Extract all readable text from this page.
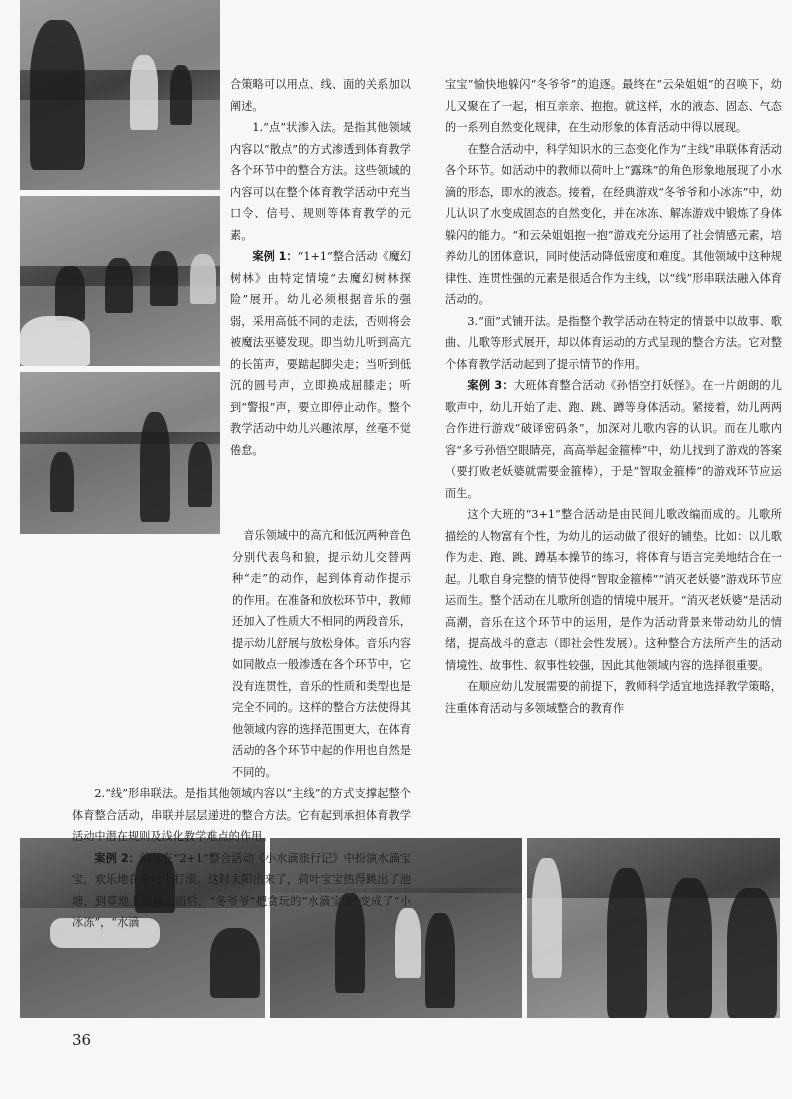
合策略可以用点、线、面的关系加以阐述。

1.“点”状渗入法。是指其他领域内容以“散点”的方式渗透到体育教学各个环节中的整合方法。这些领域的内容可以在整个体育教学活动中充当口令、信号、规则等体育教学的元素。

案例 1：“1+1”整合活动《魔幻树林》由特定情境“去魔幻树林探险”展开。幼儿必须根据音乐的强弱，采用高低不同的走法，否则将会被魔法巫婆发现。即当幼儿听到高亢的长笛声，要踮起脚尖走；当听到低沉的圆号声，立即换成屈膝走；听到“警报”声，要立即停止动作。整个教学活动中幼儿兴趣浓厚，丝毫不觉倦怠。

音乐领域中的高亢和低沉两种音色分别代表鸟和狼，提示幼儿交替两种“走”的动作，起到体育动作提示的作用。在准备和放松环节中，教师还加入了性质大不相同的两段音乐，提示幼儿舒展与放松身体。音乐内容如同散点一般渗透在各个环节中，它没有连贯性，音乐的性质和类型也是完全不同的。这样的整合方法使得其他领域内容的选择范围更大，在体育活动的各个环节中起的作用也自然是不同的。

2.“线”形串联法。是指其他领域内容以“主线”的方式支撑起整个体育整合活动，串联并层层递进的整合方法。它有起到承担体育教学活动中潜在规则及浅化教学难点的作用。

案例 2：幼儿在“2+1”整合活动《小水滴旅行记》中扮演水滴宝宝，欢乐地在荷叶上打滚。这时太阳出来了，荷叶宝宝热得跳出了池塘，到草地上游戏。而后，“冬爷爷”把贪玩的“水滴宝宝”变成了“小冰冻”，“水滴

宝宝”愉快地躲闪“冬爷爷”的追逐。最终在“云朵姐姐”的召唤下，幼儿又聚在了一起，相互亲亲、抱抱。就这样，水的液态、固态、气态的一系列自然变化规律，在生动形象的体育活动中得以展现。

在整合活动中，科学知识水的三态变化作为“主线”串联体育活动各个环节。如活动中的教师以荷叶上“露珠”的角色形象地展现了小水滴的形态，即水的液态。接着，在经典游戏“冬爷爷和小冰冻”中，幼儿认识了水变成固态的自然变化，并在冰冻、解冻游戏中锻炼了身体躲闪的能力。“和云朵姐姐抱一抱”游戏充分运用了社会情感元素，培养幼儿的团体意识，同时使活动降低密度和难度。其他领域中这种规律性、连贯性强的元素是很适合作为主线，以“线”形串联法融入体育活动的。

3.“面”式铺开法。是指整个教学活动在特定的情景中以故事、歌曲、儿歌等形式展开，却以体育运动的方式呈现的整合方法。它对整个体育教学活动起到了提示情节的作用。

案例 3：大班体育整合活动《孙悟空打妖怪》。在一片朗朗的儿歌声中，幼儿开始了走、跑、跳、蹲等身体活动。紧接着，幼儿两两合作进行游戏“破译密码条”，加深对儿歌内容的认识。而在儿歌内容“多亏孙悟空眼睛亮，高高举起金箍棒”中，幼儿找到了游戏的答案（要打败老妖婆就需要金箍棒），于是“智取金箍棒”的游戏环节应运而生。

这个大班的“3+1”整合活动是由民间儿歌改编而成的。儿歌所描绘的人物富有个性，为幼儿的运动做了很好的铺垫。比如：以儿歌作为走、跑、跳、蹲基本操节的练习，将体育与语言完美地结合在一起。儿歌自身完整的情节使得“智取金箍棒”“消灭老妖婆”游戏环节应运而生。整个活动在儿歌所创造的情境中展开。“消灭老妖婆”是活动高潮，音乐在这个环节中的运用，是作为活动背景来带动幼儿的情绪，提高战斗的意志（即社会性发展）。这种整合方法所产生的活动情境性、故事性、叙事性较强，因此其他领域内容的选择很重要。

在顺应幼儿发展需要的前提下，教师科学适宜地选择教学策略，注重体育活动与多领域整合的教育作

36
